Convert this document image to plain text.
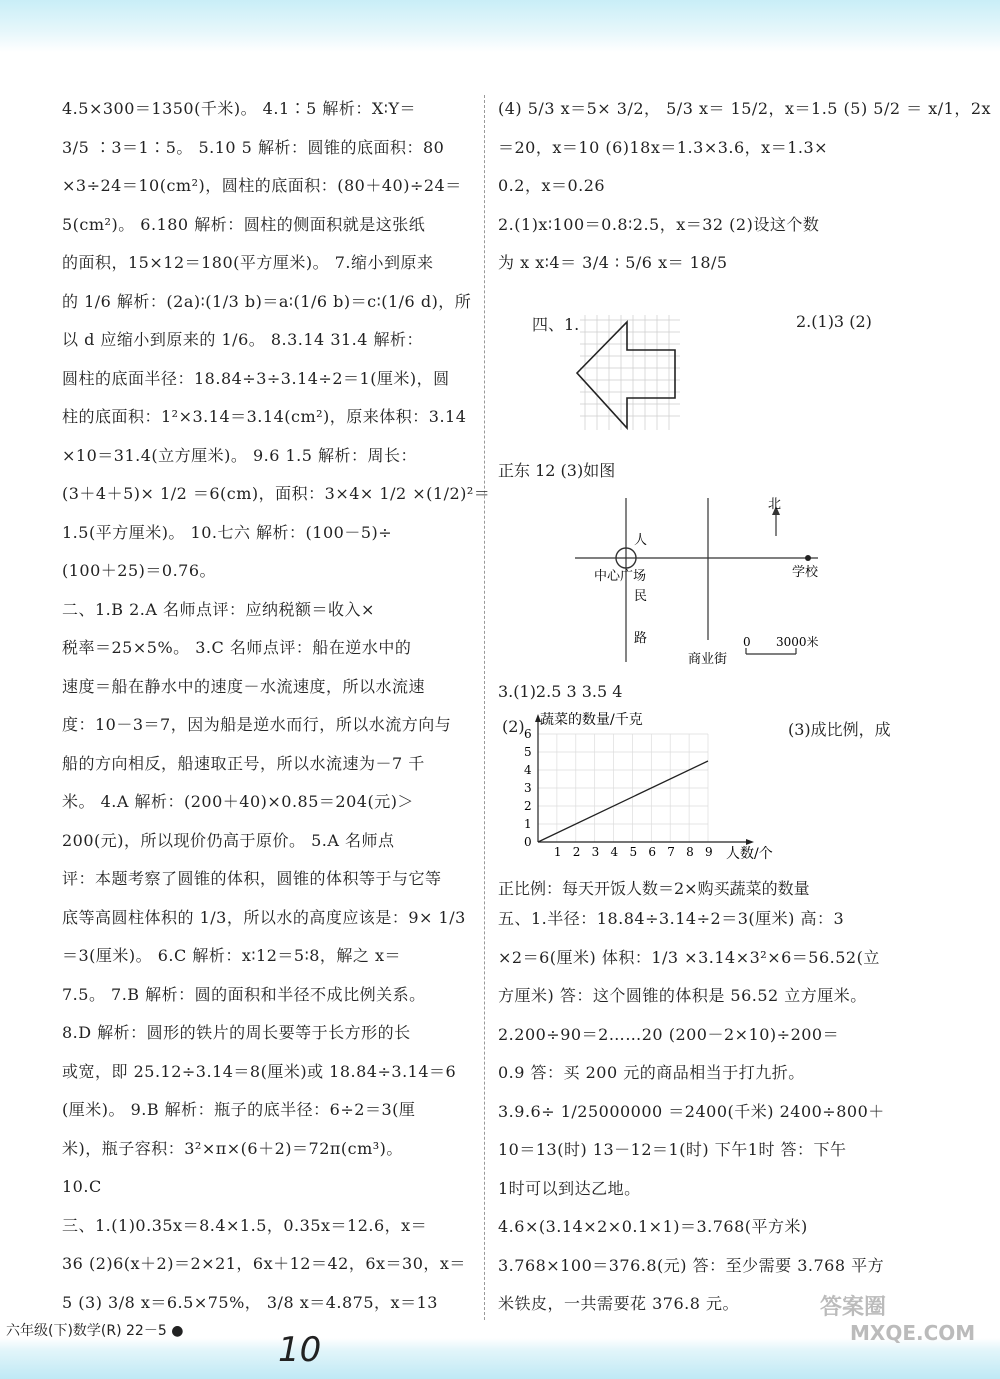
4.5×300＝1350(千米)。 4.1∶5 解析：X∶Y＝

3/5 ∶3＝1∶5。 5.10 5 解析：圆锥的底面积：80

×3÷24＝10(cm²)，圆柱的底面积：(80＋40)÷24＝

5(cm²)。 6.180 解析：圆柱的侧面积就是这张纸

的面积，15×12＝180(平方厘米)。 7.缩小到原来

的 1/6 解析：(2a)∶(1/3 b)＝a∶(1/6 b)＝c∶(1/6 d)，所

以 d 应缩小到原来的 1/6。 8.3.14 31.4 解析：

圆柱的底面半径：18.84÷3÷3.14÷2＝1(厘米)，圆

柱的底面积：1²×3.14＝3.14(cm²)，原来体积：3.14

×10＝31.4(立方厘米)。 9.6 1.5 解析：周长：

(3＋4＋5)× 1/2 ＝6(cm)，面积：3×4× 1/2 ×(1/2)²＝

1.5(平方厘米)。 10.七六 解析：(100－5)÷

(100＋25)＝0.76。

二、1.B 2.A 名师点评：应纳税额＝收入×

税率＝25×5%。 3.C 名师点评：船在逆水中的

速度＝船在静水中的速度－水流速度，所以水流速

度：10－3＝7，因为船是逆水而行，所以水流方向与

船的方向相反，船速取正号，所以水流速为－7 千

米。 4.A 解析：(200＋40)×0.85＝204(元)＞

200(元)，所以现价仍高于原价。 5.A 名师点

评：本题考察了圆锥的体积，圆锥的体积等于与它等

底等高圆柱体积的 1/3，所以水的高度应该是：9× 1/3

＝3(厘米)。 6.C 解析：x∶12＝5∶8，解之 x＝

7.5。 7.B 解析：圆的面积和半径不成比例关系。

8.D 解析：圆形的铁片的周长要等于长方形的长

或宽，即 25.12÷3.14＝8(厘米)或 18.84÷3.14＝6

(厘米)。 9.B 解析：瓶子的底半径：6÷2＝3(厘

米)，瓶子容积：3²×π×(6＋2)＝72π(cm³)。

10.C

三、1.(1)0.35x＝8.4×1.5，0.35x＝12.6，x＝

36 (2)6(x＋2)＝2×21，6x＋12＝42，6x＝30，x＝

5 (3) 3/8 x＝6.5×75%， 3/8 x＝4.875，x＝13

(4) 5/3 x＝5× 3/2， 5/3 x＝ 15/2，x＝1.5 (5) 5/2 ＝ x/1，2x

＝20，x＝10 (6)18x＝1.3×3.6，x＝1.3×

0.2，x＝0.26

2.(1)x∶100＝0.8∶2.5，x＝32 (2)设这个数

为 x x∶4＝ 3/4 ∶ 5/6 x＝ 18/5

四、1.	2.(1)3 (2)
正东 12 (3)如图
北
人
中心广场
民
路
学校
商业街
0 3000米
3.(1)2.5 3 3.5 4
(2)	(3)成比例，成
1 2 3 4 5 6 7 8 9
0
1
2
3
4
5
6
蔬菜的数量/千克
人数/个
正比例：每天开饭人数＝2×购买蔬菜的数量

五、1.半径：18.84÷3.14÷2＝3(厘米) 高：3

×2＝6(厘米) 体积：1/3 ×3.14×3²×6＝56.52(立

方厘米) 答：这个圆锥的体积是 56.52 立方厘米。

2.200÷90＝2……20 (200－2×10)÷200＝

0.9 答：买 200 元的商品相当于打九折。

3.9.6÷ 1/25000000 ＝2400(千米) 2400÷800＋

10＝13(时) 13－12＝1(时) 下午1时 答：下午

1时可以到达乙地。

4.6×(3.14×2×0.1×1)＝3.768(平方米)

3.768×100＝376.8(元) 答：至少需要 3.768 平方

米铁皮，一共需要花 376.8 元。

六年级(下)数学(R) 22－5 ●	10
答案圈
MXQE.COM
